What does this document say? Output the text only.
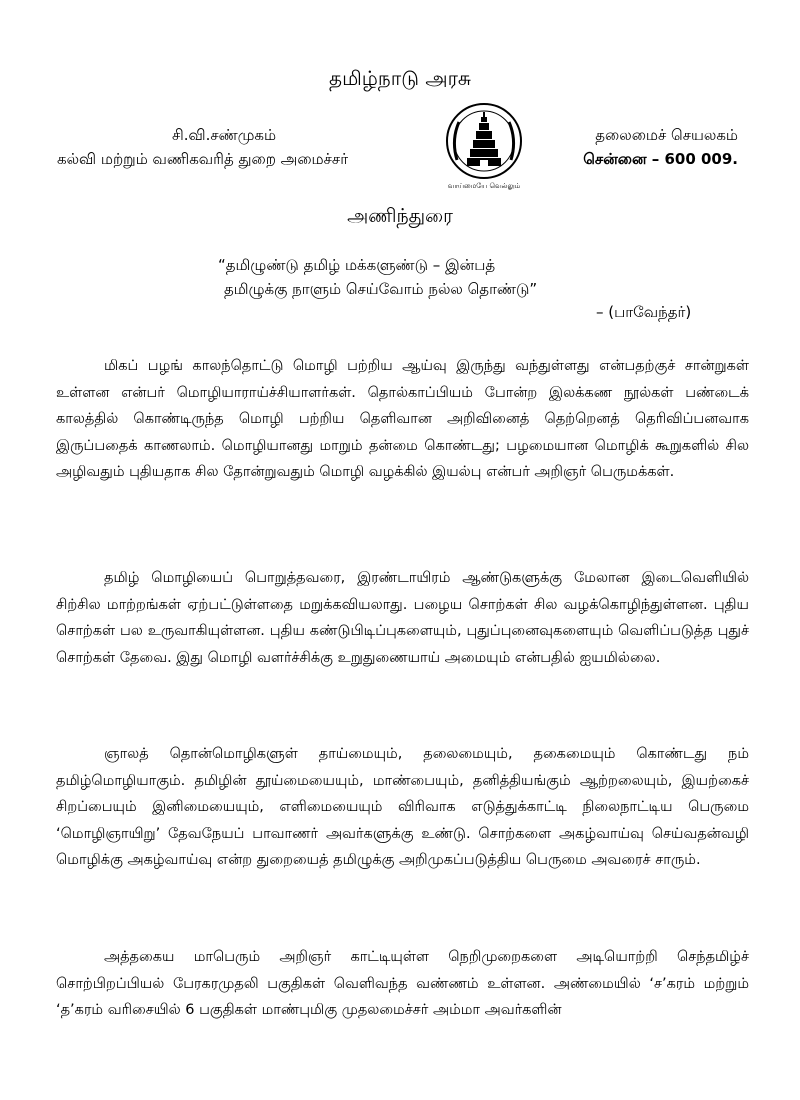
தமிழ்நாடு அரசு
சி.வி.சண்முகம்
கல்வி மற்றும் வணிகவரித் துறை அமைச்சர்
வாய்மையே வெல்லும்
தலைமைச் செயலகம்
சென்னை – 600 009.
அணிந்துரை
“தமிழுண்டு தமிழ் மக்களுண்டு – இன்பத்
தமிழுக்கு நாளும் செய்வோம் நல்ல தொண்டு”
– (பாவேந்தர்)

மிகப் பழங் காலந்தொட்டு மொழி பற்றிய ஆய்வு இருந்து வந்துள்ளது என்பதற்குச் சான்றுகள் உள்ளன என்பர் மொழியாராய்ச்சியாளர்கள். தொல்காப்பியம் போன்ற இலக்கண நூல்கள் பண்டைக் காலத்தில் கொண்டிருந்த மொழி பற்றிய தெளிவான அறிவினைத் தெற்றெனத் தெரிவிப்பனவாக இருப்பதைக் காணலாம். மொழியானது மாறும் தன்மை கொண்டது; பழமையான மொழிக் கூறுகளில் சில அழிவதும் புதியதாக சில தோன்றுவதும் மொழி வழக்கில் இயல்பு என்பர் அறிஞர் பெருமக்கள்.

தமிழ் மொழியைப் பொறுத்தவரை, இரண்டாயிரம் ஆண்டுகளுக்கு மேலான இடைவெளியில் சிற்சில மாற்றங்கள் ஏற்பட்டுள்ளதை மறுக்கவியலாது. பழைய சொற்கள் சில வழக்கொழிந்துள்ளன. புதிய சொற்கள் பல உருவாகியுள்ளன. புதிய கண்டுபிடிப்புகளையும், புதுப்புனைவுகளையும் வெளிப்படுத்த புதுச் சொற்கள் தேவை. இது மொழி வளர்ச்சிக்கு உறுதுணையாய் அமையும் என்பதில் ஐயமில்லை.

ஞாலத் தொன்மொழிகளுள் தாய்மையும், தலைமையும், தகைமையும் கொண்டது நம் தமிழ்மொழியாகும். தமிழின் தூய்மையையும், மாண்பையும், தனித்தியங்கும் ஆற்றலையும், இயற்கைச் சிறப்பையும் இனிமையையும், எளிமையையும் விரிவாக எடுத்துக்காட்டி நிலைநாட்டிய பெருமை ‘மொழிஞாயிறு’ தேவநேயப் பாவாணர் அவர்களுக்கு உண்டு. சொற்களை அகழ்வாய்வு செய்வதன்வழி மொழிக்கு அகழ்வாய்வு என்ற துறையைத் தமிழுக்கு அறிமுகப்படுத்திய பெருமை அவரைச் சாரும்.

அத்தகைய மாபெரும் அறிஞர் காட்டியுள்ள நெறிமுறைகளை அடியொற்றி செந்தமிழ்ச் சொற்பிறப்பியல் பேரகரமுதலி பகுதிகள் வெளிவந்த வண்ணம் உள்ளன. அண்மையில் ‘ச’கரம் மற்றும் ‘த’கரம் வரிசையில் 6 பகுதிகள் மாண்புமிகு முதலமைச்சர் அம்மா அவர்களின்
